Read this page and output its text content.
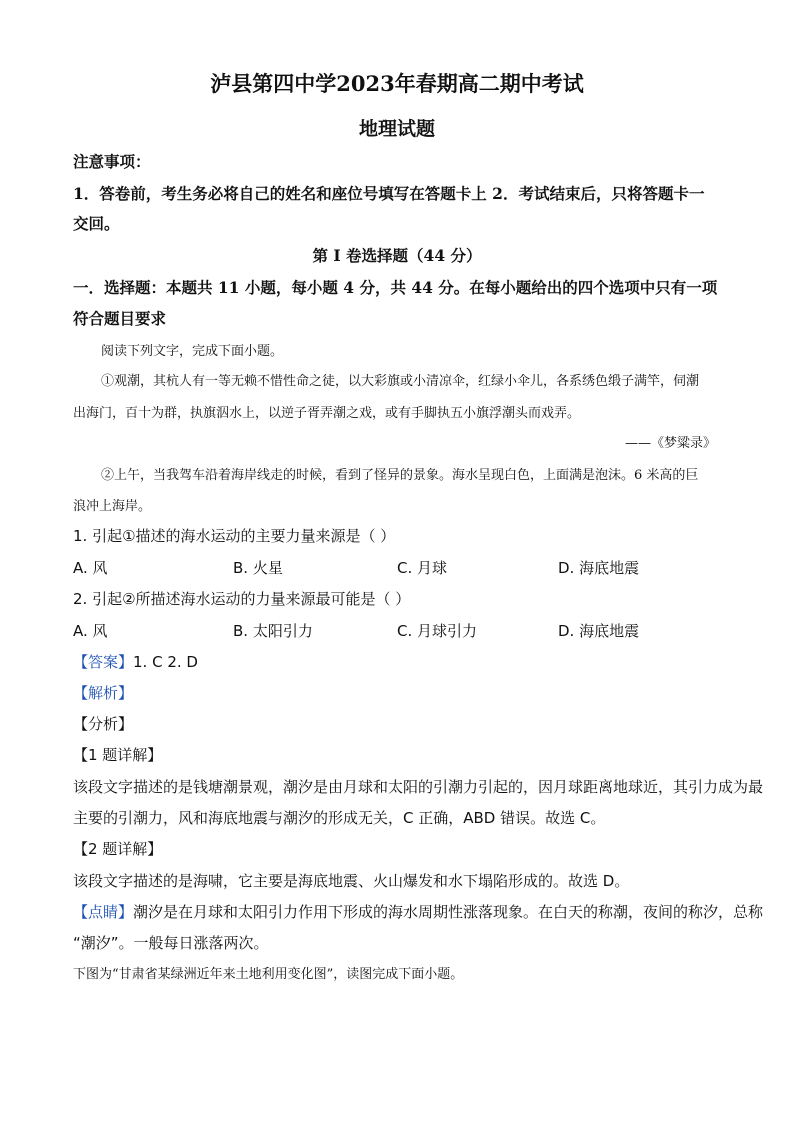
泸县第四中学2023年春期高二期中考试
地理试题
注意事项：
1．答卷前，考生务必将自己的姓名和座位号填写在答题卡上 2．考试结束后，只将答题卡一
交回。
第 I 卷选择题（44 分）
一．选择题：本题共 11 小题，每小题 4 分，共 44 分。在每小题给出的四个选项中只有一项
符合题目要求
阅读下列文字，完成下面小题。
①观潮，其杭人有一等无赖不惜性命之徒，以大彩旗或小清凉伞，红绿小伞儿，各系绣色缎子满竿，伺潮
出海门，百十为群，执旗泅水上，以逆子胥弄潮之戏，或有手脚执五小旗浮潮头而戏弄。
——《梦粱录》
②上午，当我驾车沿着海岸线走的时候，看到了怪异的景象。海水呈现白色，上面满是泡沫。6 米高的巨
浪冲上海岸。
1. 引起①描述的海水运动的主要力量来源是（ ）
A. 风	B. 火星	C. 月球	D. 海底地震
2. 引起②所描述海水运动的力量来源最可能是（ ）
A. 风	B. 太阳引力	C. 月球引力	D. 海底地震
【答案】1. C 2. D
【解析】
【分析】
【1 题详解】
该段文字描述的是钱塘潮景观，潮汐是由月球和太阳的引潮力引起的，因月球距离地球近，其引力成为最
主要的引潮力，风和海底地震与潮汐的形成无关，C 正确，ABD 错误。故选 C。
【2 题详解】
该段文字描述的是海啸，它主要是海底地震、火山爆发和水下塌陷形成的。故选 D。
【点睛】潮汐是在月球和太阳引力作用下形成的海水周期性涨落现象。在白天的称潮，夜间的称汐，总称
“潮汐”。一般每日涨落两次。
下图为“甘肃省某绿洲近年来土地利用变化图”，读图完成下面小题。
